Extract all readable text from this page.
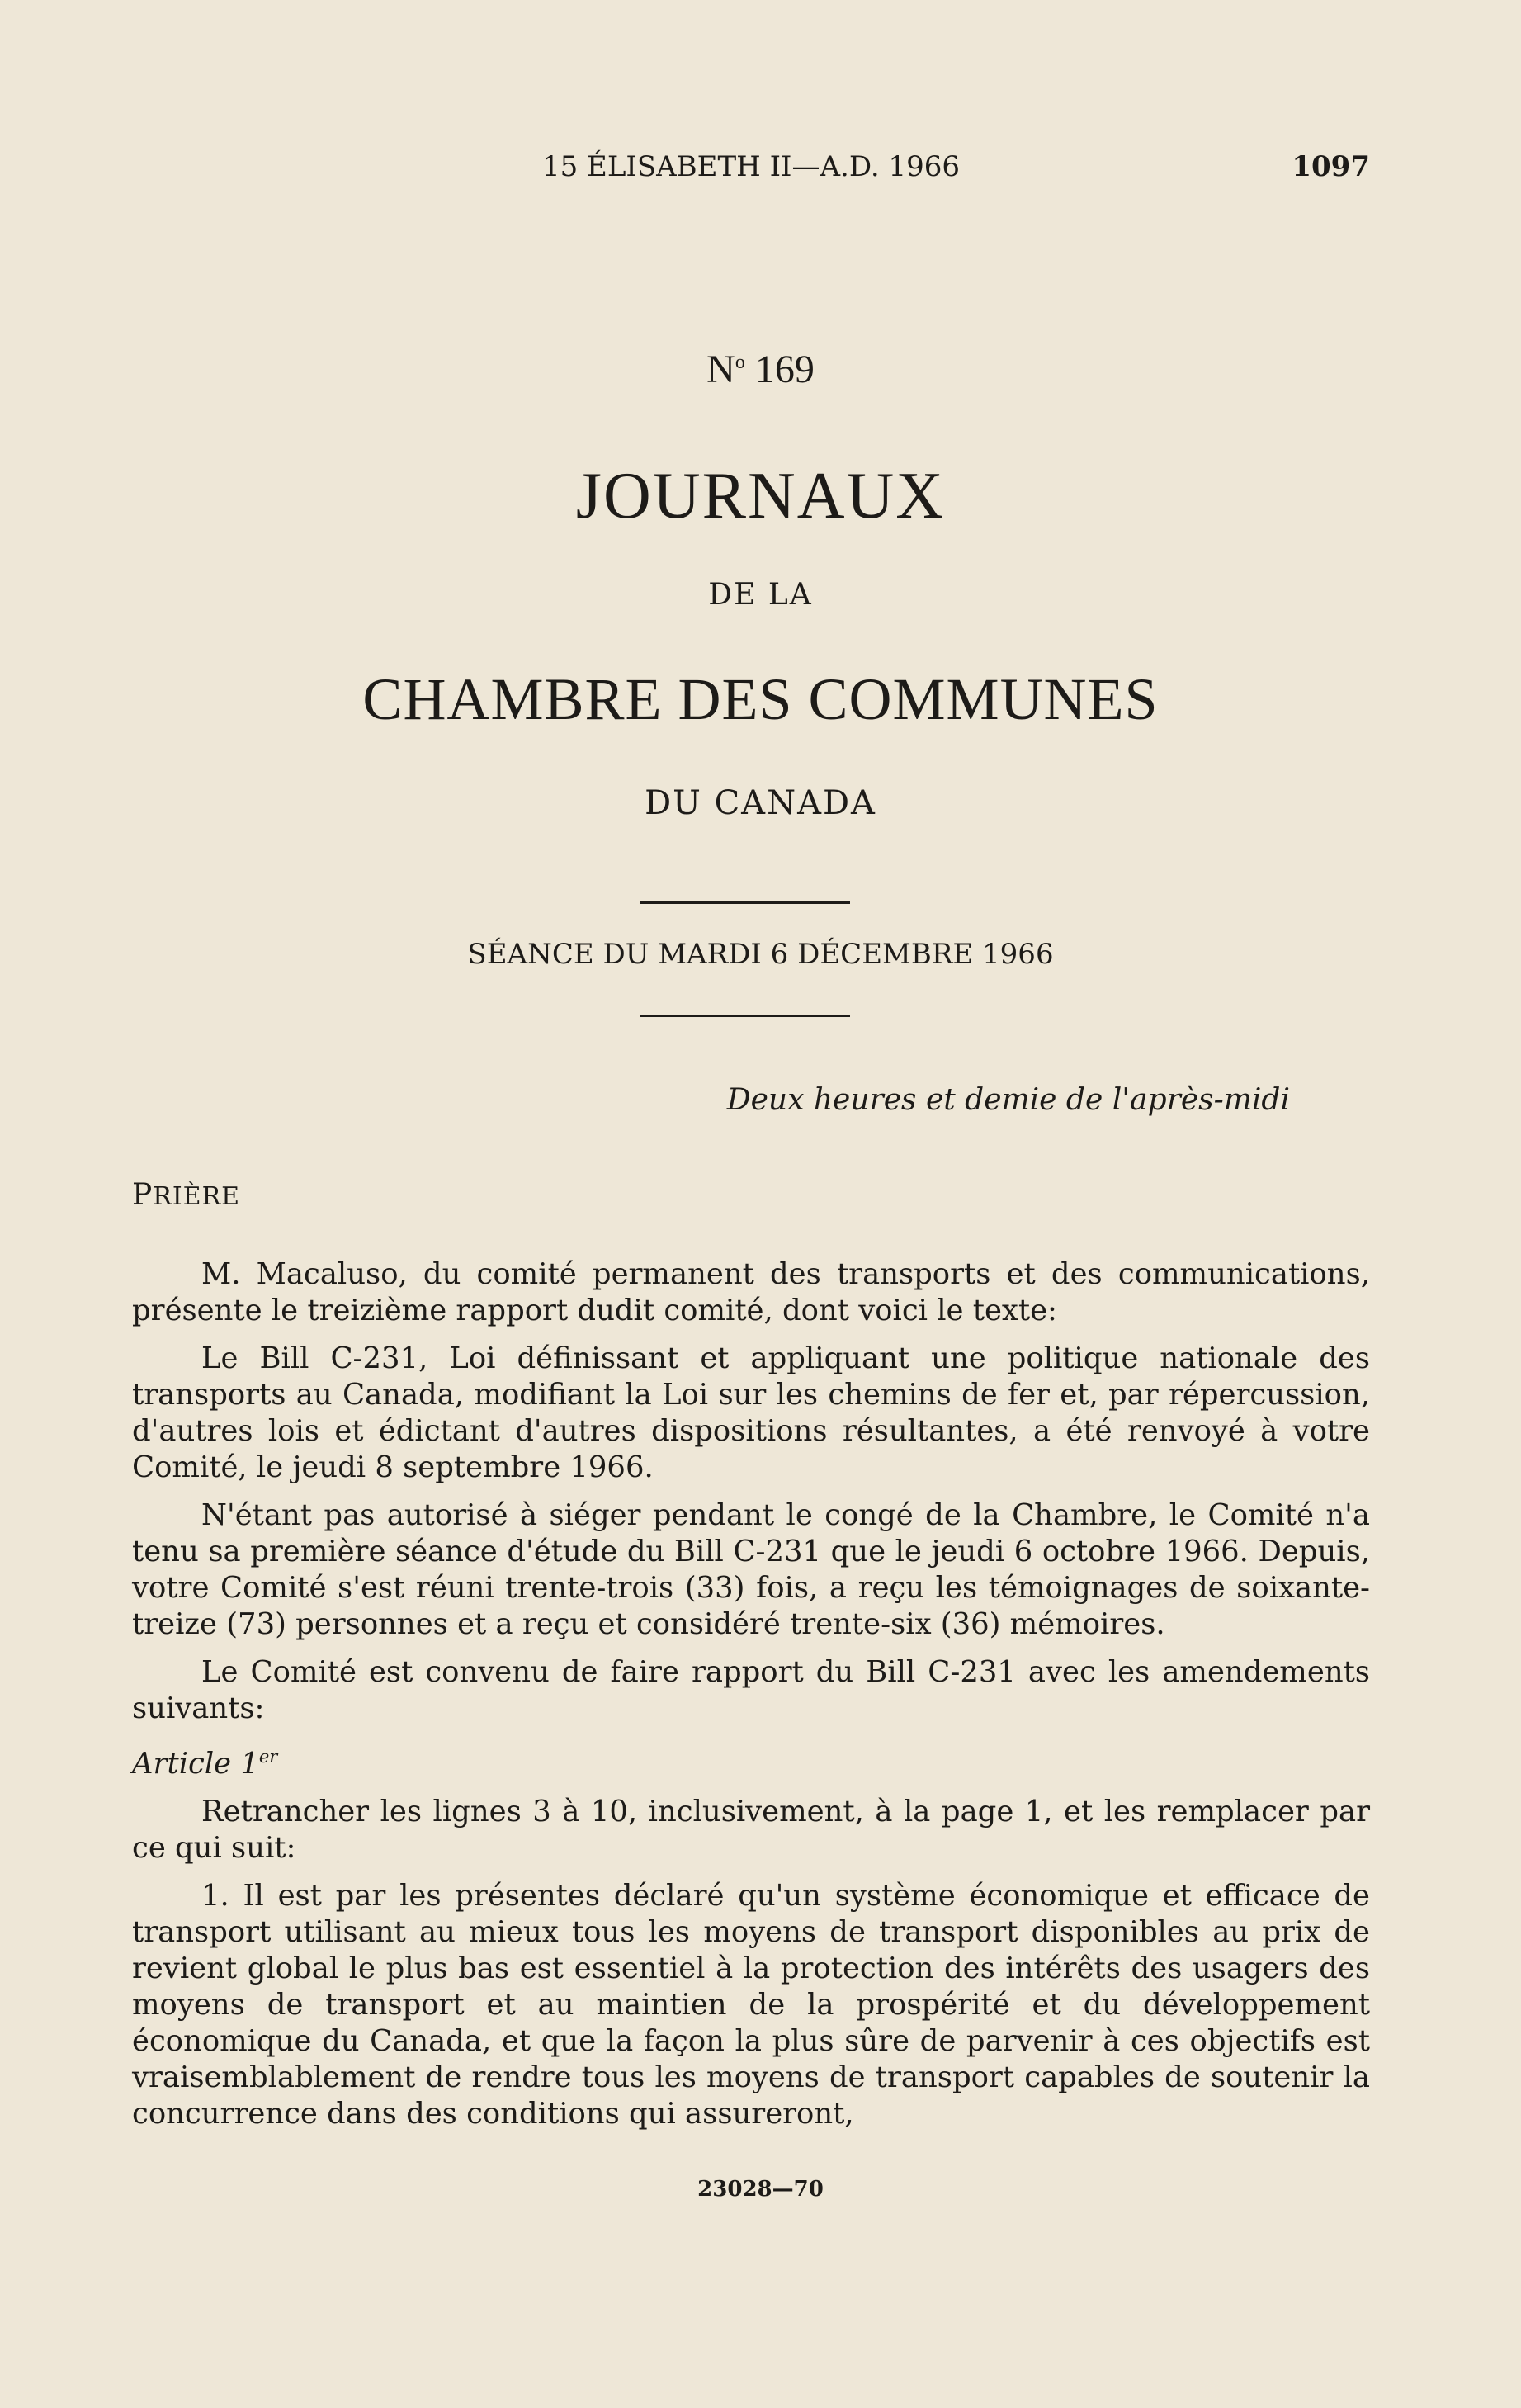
15 ÉLISABETH II—A.D. 1966	1097
$N^o$ 169
JOURNAUX
DE LA
CHAMBRE DES COMMUNES
DU CANADA
SÉANCE DU MARDI 6 DÉCEMBRE 1966
Deux heures et demie de l'après-midi
PRIÈRE

M. Macaluso, du comité permanent des transports et des communications, présente le treizième rapport dudit comité, dont voici le texte:

Le Bill C-231, Loi définissant et appliquant une politique nationale des transports au Canada, modifiant la Loi sur les chemins de fer et, par répercussion, d'autres lois et édictant d'autres dispositions résultantes, a été renvoyé à votre Comité, le jeudi 8 septembre 1966.

N'étant pas autorisé à siéger pendant le congé de la Chambre, le Comité n'a tenu sa première séance d'étude du Bill C-231 que le jeudi 6 octobre 1966. Depuis, votre Comité s'est réuni trente-trois (33) fois, a reçu les témoignages de soixante-treize (73) personnes et a reçu et considéré trente-six (36) mémoires.

Le Comité est convenu de faire rapport du Bill C-231 avec les amendements suivants:

Article 1er

Retrancher les lignes 3 à 10, inclusivement, à la page 1, et les remplacer par ce qui suit:

1. Il est par les présentes déclaré qu'un système économique et efficace de transport utilisant au mieux tous les moyens de transport disponibles au prix de revient global le plus bas est essentiel à la protection des intérêts des usagers des moyens de transport et au maintien de la prospérité et du développement économique du Canada, et que la façon la plus sûre de parvenir à ces objectifs est vraisemblablement de rendre tous les moyens de transport capables de soutenir la concurrence dans des conditions qui assureront,

23028—70
